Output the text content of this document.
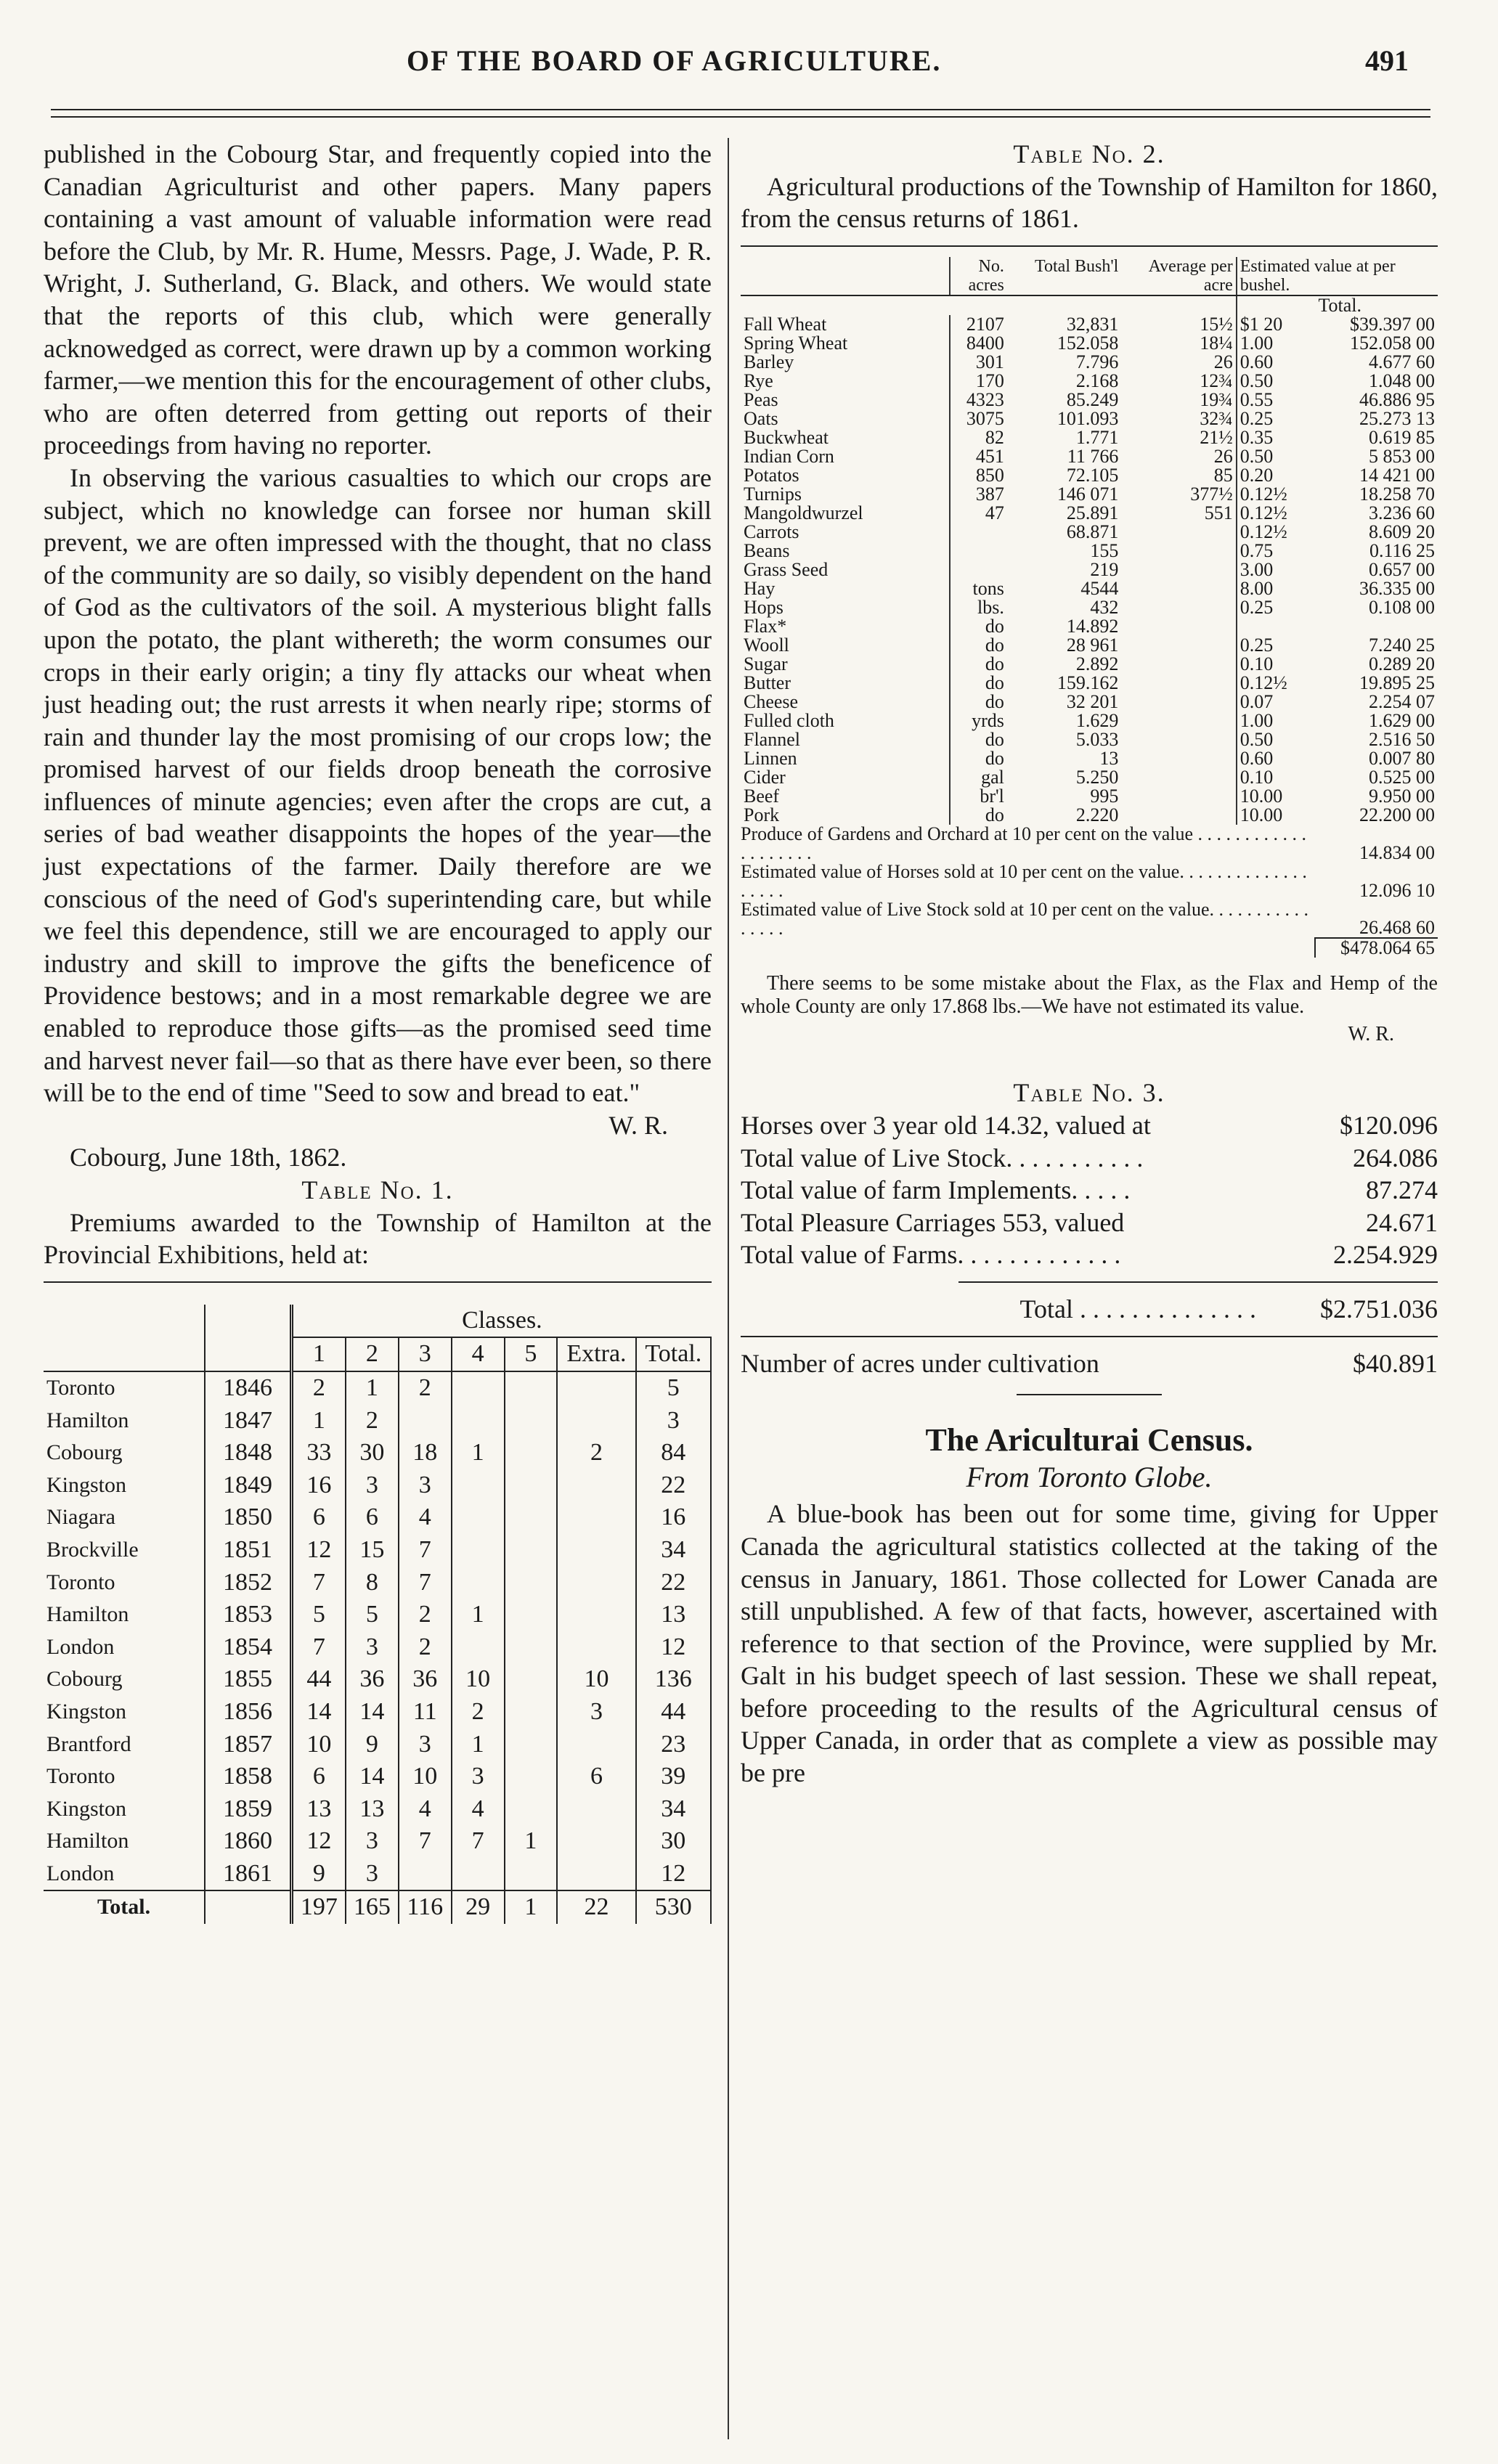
OF THE BOARD OF AGRICULTURE.	491

published in the Cobourg Star, and frequently copied into the Canadian Agriculturist and other papers. Many papers containing a vast amount of valuable information were read before the Club, by Mr. R. Hume, Messrs. Page, J. Wade, P. R. Wright, J. Sutherland, G. Black, and others. We would state that the reports of this club, which were generally acknowedged as correct, were drawn up by a common working farmer,—we mention this for the encouragement of other clubs, who are often deterred from getting out reports of their proceedings from having no reporter.

In observing the various casualties to which our crops are subject, which no knowledge can forsee nor human skill prevent, we are often impressed with the thought, that no class of the community are so daily, so visibly dependent on the hand of God as the cultivators of the soil. A mysterious blight falls upon the potato, the plant withereth; the worm consumes our crops in their early origin; a tiny fly attacks our wheat when just heading out; the rust arrests it when nearly ripe; storms of rain and thunder lay the most promising of our crops low; the promised harvest of our fields droop beneath the corrosive influences of minute agencies; even after the crops are cut, a series of bad weather disappoints the hopes of the year—the just expectations of the farmer. Daily therefore are we conscious of the need of God's superintending care, but while we feel this dependence, still we are encouraged to apply our industry and skill to improve the gifts the beneficence of Providence bestows; and in a most remarkable degree we are enabled to reproduce those gifts—as the promised seed time and harvest never fail—so that as there have ever been, so there will be to the end of time "Seed to sow and bread to eat."

W. R.

Cobourg, June 18th, 1862.

Table No. 1.

Premiums awarded to the Township of Hamilton at the Provincial Exhibitions, held at:

		Classes.						
		1	2	3	4	5	Extra.	Total.
Toronto	1846	2	1	2				5
Hamilton	1847	1	2					3
Cobourg	1848	33	30	18	1		2	84
Kingston	1849	16	3	3				22
Niagara	1850	6	6	4				16
Brockville	1851	12	15	7				34
Toronto	1852	7	8	7				22
Hamilton	1853	5	5	2	1			13
London	1854	7	3	2				12
Cobourg	1855	44	36	36	10		10	136
Kingston	1856	14	14	11	2		3	44
Brantford	1857	10	9	3	1			23
Toronto	1858	6	14	10	3		6	39
Kingston	1859	13	13	4	4			34
Hamilton	1860	12	3	7	7	1		30
London	1861	9	3					12
Total.		197	165	116	29	1	22	530

Table No. 2.

Agricultural productions of the Township of Hamilton for 1860, from the census returns of 1861.

	No. acres	Total Bush'l	Average per acre	Estimated value at per bushel.	
					Total.
Fall Wheat	2107	32,831	15½	$1 20	$39.397 00
Spring Wheat	8400	152.058	18¼	1.00	152.058 00
Barley	301	7.796	26	0.60	4.677 60
Rye	170	2.168	12¾	0.50	1.048 00
Peas	4323	85.249	19¾	0.55	46.886 95
Oats	3075	101.093	32¾	0.25	25.273 13
Buckwheat	82	1.771	21½	0.35	0.619 85
Indian Corn	451	11 766	26	0.50	5 853 00
Potatos	850	72.105	85	0.20	14 421 00
Turnips	387	146 071	377½	0.12½	18.258 70
Mangoldwurzel	47	25.891	551	0.12½	3.236 60
Carrots		68.871		0.12½	8.609 20
Beans		155		0.75	0.116 25
Grass Seed		219		3.00	0.657 00
Hay	tons	4544		8.00	36.335 00
Hops	lbs.	432		0.25	0.108 00
Flax*	do	14.892			
Wooll	do	28 961		0.25	7.240 25
Sugar	do	2.892		0.10	0.289 20
Butter	do	159.162		0.12½	19.895 25
Cheese	do	32 201		0.07	2.254 07
Fulled cloth	yrds	1.629		1.00	1.629 00
Flannel	do	5.033		0.50	2.516 50
Linnen	do	13		0.60	0.007 80
Cider	gal	5.250		0.10	0.525 00
Beef	br'l	995		10.00	9.950 00
Pork	do	2.220		10.00	22.200 00
Produce of Gardens and Orchard at 10 per cent on the value . . . . . . . . . . . . . . . . . . . .					14.834 00
Estimated value of Horses sold at 10 per cent on the value. . . . . . . . . . . . . . . . . . .					12.096 10
Estimated value of Live Stock sold at 10 per cent on the value. . . . . . . . . . . . . . . .					26.468 60
					$478.064 65

There seems to be some mistake about the Flax, as the Flax and Hemp of the whole County are only 17.868 lbs.—We have not estimated its value.

W. R.

Table No. 3.

Horses over 3 year old 14.32, valued at	$120.096
Total value of Live Stock. . . . . . . . . . .	264.086
Total value of farm Implements. . . . .	87.274
Total Pleasure Carriages 553, valued	24.671
Total value of Farms. . . . . . . . . . . . .	2.254.929
Total . . . . . . . . . . . . . .	$2.751.036
Number of acres under cultivation	$40.891

The Ariculturai Census.

From Toronto Globe.

A blue-book has been out for some time, giving for Upper Canada the agricultural statistics collected at the taking of the census in January, 1861. Those collected for Lower Canada are still unpublished. A few of that facts, however, ascertained with reference to that section of the Province, were supplied by Mr. Galt in his budget speech of last session. These we shall repeat, before proceeding to the results of the Agricultural census of Upper Canada, in order that as complete a view as possible may be pre
